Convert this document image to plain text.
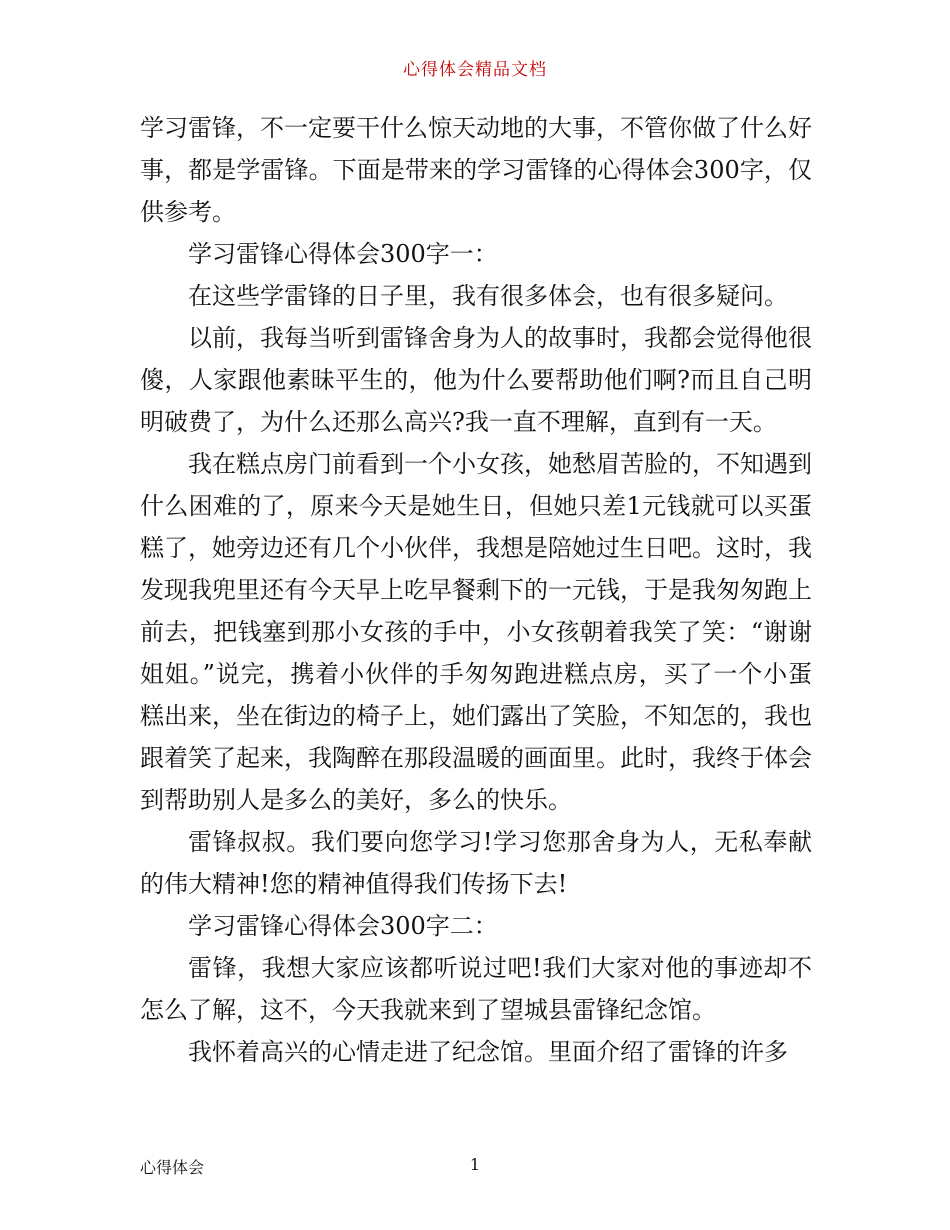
心得体会精品文档

学习雷锋，不一定要干什么惊天动地的大事，不管你做了什么好事，都是学雷锋。下面是带来的学习雷锋的心得体会300字，仅供参考。

学习雷锋心得体会300字一：

在这些学雷锋的日子里，我有很多体会，也有很多疑问。

以前，我每当听到雷锋舍身为人的故事时，我都会觉得他很傻，人家跟他素昧平生的，他为什么要帮助他们啊?而且自己明明破费了，为什么还那么高兴?我一直不理解，直到有一天。

我在糕点房门前看到一个小女孩，她愁眉苦脸的，不知遇到什么困难的了，原来今天是她生日，但她只差1元钱就可以买蛋糕了，她旁边还有几个小伙伴，我想是陪她过生日吧。这时，我发现我兜里还有今天早上吃早餐剩下的一元钱，于是我匆匆跑上前去，把钱塞到那小女孩的手中，小女孩朝着我笑了笑：“谢谢姐姐。”说完，携着小伙伴的手匆匆跑进糕点房，买了一个小蛋糕出来，坐在街边的椅子上，她们露出了笑脸，不知怎的，我也跟着笑了起来，我陶醉在那段温暖的画面里。此时，我终于体会到帮助别人是多么的美好，多么的快乐。

雷锋叔叔。我们要向您学习!学习您那舍身为人，无私奉献的伟大精神!您的精神值得我们传扬下去!

学习雷锋心得体会300字二：

雷锋，我想大家应该都听说过吧!我们大家对他的事迹却不怎么了解，这不，今天我就来到了望城县雷锋纪念馆。

我怀着高兴的心情走进了纪念馆。里面介绍了雷锋的许多

心得体会	1
